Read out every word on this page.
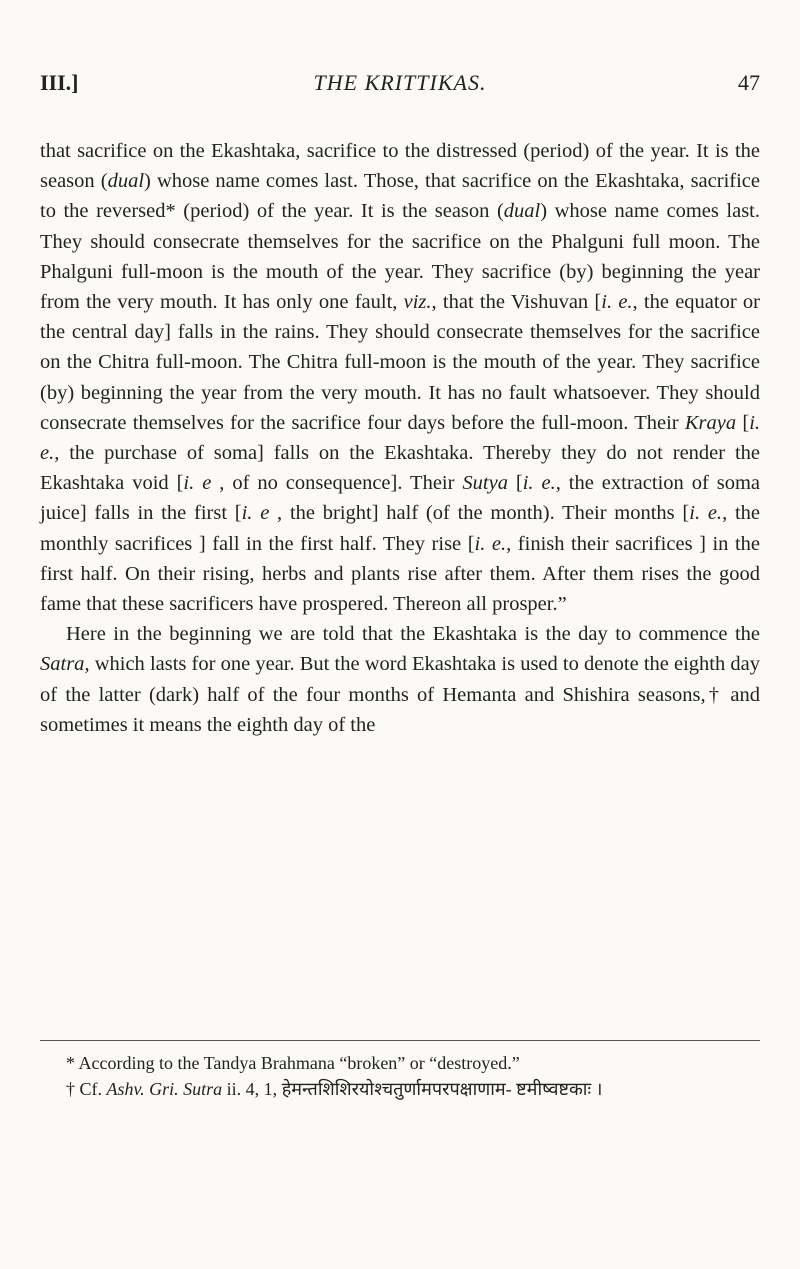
III.]	THE KRITTIKAS.	47

that sacrifice on the Ekashtaka, sacrifice to the distressed (period) of the year. It is the season (dual) whose name comes last. Those, that sacrifice on the Ekashtaka, sacrifice to the reversed* (period) of the year. It is the season (dual) whose name comes last. They should consecrate themselves for the sacrifice on the Phalguni full moon. The Phalguni full-moon is the mouth of the year. They sacrifice (by) beginning the year from the very mouth. It has only one fault, viz., that the Vishuvan [i. e., the equator or the central day] falls in the rains. They should consecrate themselves for the sacrifice on the Chitra full-moon. The Chitra full-moon is the mouth of the year. They sacrifice (by) beginning the year from the very mouth. It has no fault whatsoever. They should consecrate themselves for the sacrifice four days before the full-moon. Their Kraya [i. e., the purchase of soma] falls on the Ekashtaka. Thereby they do not render the Ekashtaka void [i. e , of no consequence]. Their Sutya [i. e., the extraction of soma juice] falls in the first [i. e , the bright] half (of the month). Their months [i. e., the monthly sacrifices ] fall in the first half. They rise [i. e., finish their sacrifices ] in the first half. On their rising, herbs and plants rise after them. After them rises the good fame that these sacrificers have prospered. Thereon all prosper.”

Here in the beginning we are told that the Ekashtaka is the day to commence the Satra, which lasts for one year. But the word Ekashtaka is used to denote the eighth day of the latter (dark) half of the four months of Hemanta and Shishira seasons,† and sometimes it means the eighth day of the

* According to the Tandya Brahmana “broken” or “destroyed.”

† Cf. Ashv. Gri. Sutra ii. 4, 1, हेमन्तशिशिरयोश्चतुर्णामपरपक्षाणाम- ष्टमीष्वष्टकाः ।
